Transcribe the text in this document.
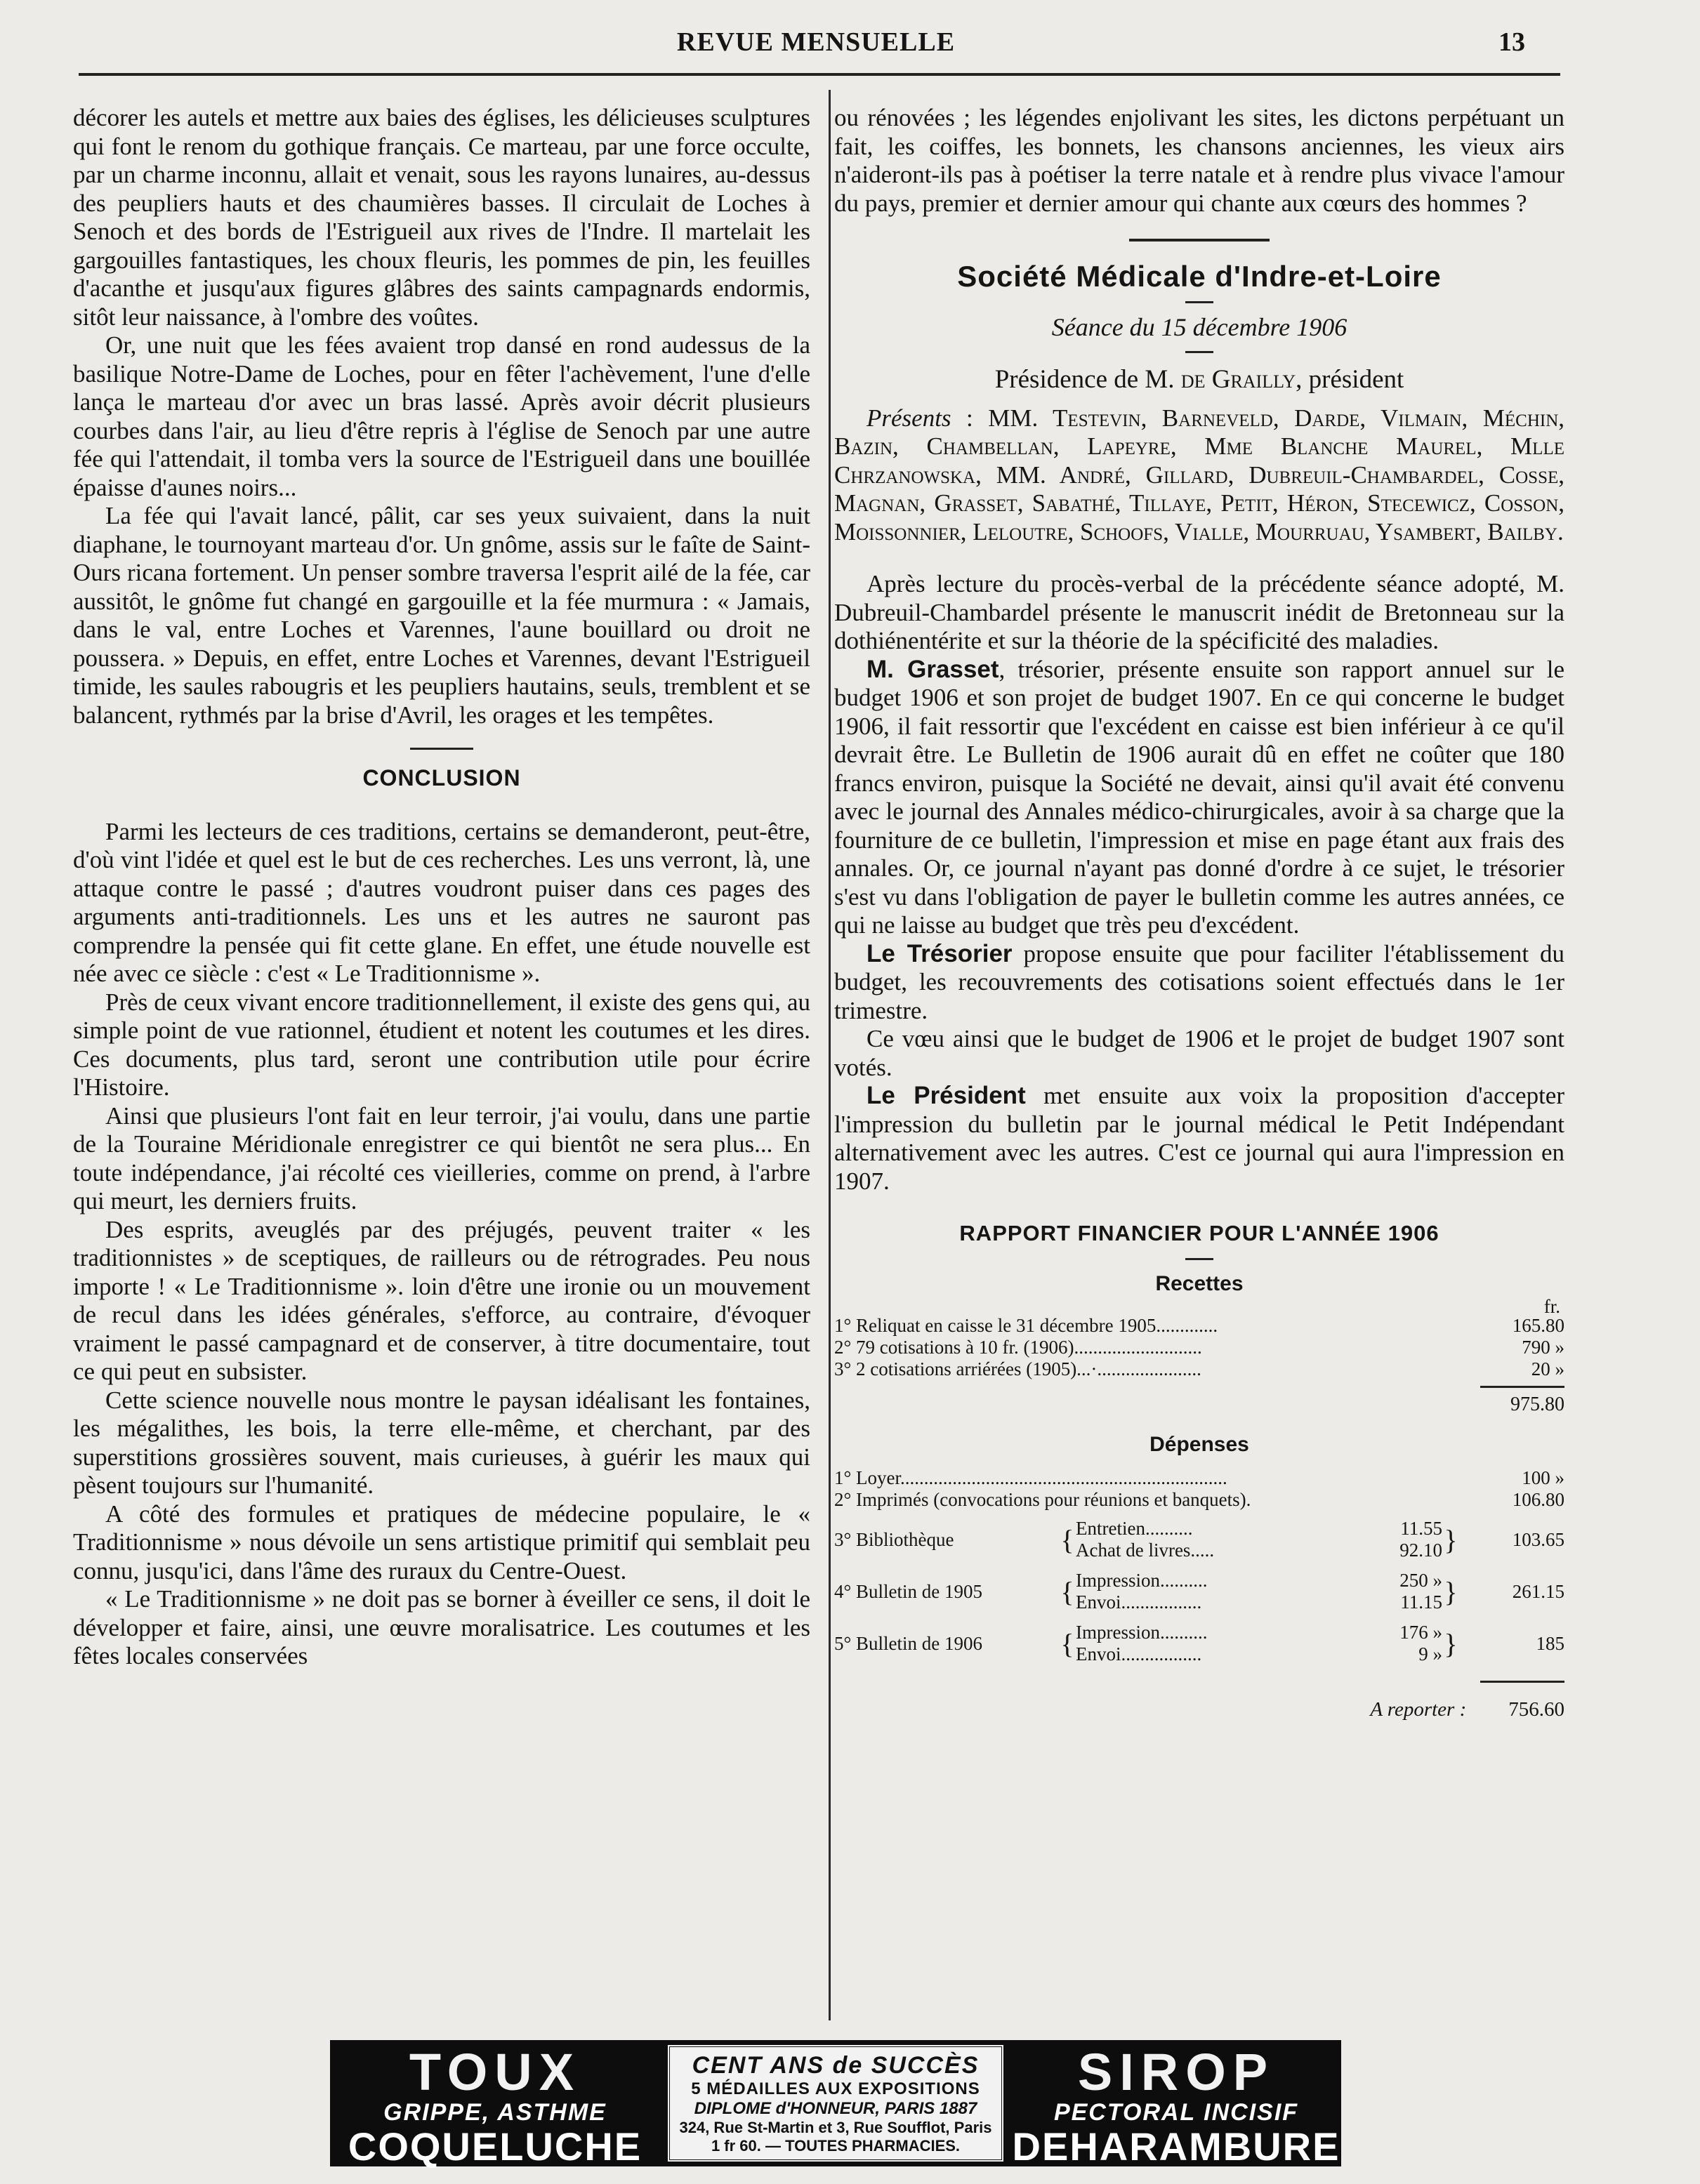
REVUE MENSUELLE	13

décorer les autels et mettre aux baies des églises, les délicieuses sculptures qui font le renom du gothique français. Ce marteau, par une force occulte, par un charme inconnu, allait et venait, sous les rayons lunaires, au-dessus des peupliers hauts et des chaumières basses. Il circulait de Loches à Senoch et des bords de l'Estrigueil aux rives de l'Indre. Il martelait les gargouilles fantastiques, les choux fleuris, les pommes de pin, les feuilles d'acanthe et jusqu'aux figures glâbres des saints campagnards endormis, sitôt leur naissance, à l'ombre des voûtes.

Or, une nuit que les fées avaient trop dansé en rond audessus de la basilique Notre-Dame de Loches, pour en fêter l'achèvement, l'une d'elle lança le marteau d'or avec un bras lassé. Après avoir décrit plusieurs courbes dans l'air, au lieu d'être repris à l'église de Senoch par une autre fée qui l'attendait, il tomba vers la source de l'Estrigueil dans une bouillée épaisse d'aunes noirs...

La fée qui l'avait lancé, pâlit, car ses yeux suivaient, dans la nuit diaphane, le tournoyant marteau d'or. Un gnôme, assis sur le faîte de Saint-Ours ricana fortement. Un penser sombre traversa l'esprit ailé de la fée, car aussitôt, le gnôme fut changé en gargouille et la fée murmura : « Jamais, dans le val, entre Loches et Varennes, l'aune bouillard ou droit ne poussera. » Depuis, en effet, entre Loches et Varennes, devant l'Estrigueil timide, les saules rabougris et les peupliers hautains, seuls, tremblent et se balancent, rythmés par la brise d'Avril, les orages et les tempêtes.

CONCLUSION

Parmi les lecteurs de ces traditions, certains se demanderont, peut-être, d'où vint l'idée et quel est le but de ces recherches. Les uns verront, là, une attaque contre le passé ; d'autres voudront puiser dans ces pages des arguments anti-traditionnels. Les uns et les autres ne sauront pas comprendre la pensée qui fit cette glane. En effet, une étude nouvelle est née avec ce siècle : c'est « Le Traditionnisme ».

Près de ceux vivant encore traditionnellement, il existe des gens qui, au simple point de vue rationnel, étudient et notent les coutumes et les dires. Ces documents, plus tard, seront une contribution utile pour écrire l'Histoire.

Ainsi que plusieurs l'ont fait en leur terroir, j'ai voulu, dans une partie de la Touraine Méridionale enregistrer ce qui bientôt ne sera plus... En toute indépendance, j'ai récolté ces vieilleries, comme on prend, à l'arbre qui meurt, les derniers fruits.

Des esprits, aveuglés par des préjugés, peuvent traiter « les traditionnistes » de sceptiques, de railleurs ou de rétrogrades. Peu nous importe ! « Le Traditionnisme ». loin d'être une ironie ou un mouvement de recul dans les idées générales, s'efforce, au contraire, d'évoquer vraiment le passé campagnard et de conserver, à titre documentaire, tout ce qui peut en subsister.

Cette science nouvelle nous montre le paysan idéalisant les fontaines, les mégalithes, les bois, la terre elle-même, et cherchant, par des superstitions grossières souvent, mais curieuses, à guérir les maux qui pèsent toujours sur l'humanité.

A côté des formules et pratiques de médecine populaire, le « Traditionnisme » nous dévoile un sens artistique primitif qui semblait peu connu, jusqu'ici, dans l'âme des ruraux du Centre-Ouest.

« Le Traditionnisme » ne doit pas se borner à éveiller ce sens, il doit le développer et faire, ainsi, une œuvre moralisatrice. Les coutumes et les fêtes locales conservées

ou rénovées ; les légendes enjolivant les sites, les dictons perpétuant un fait, les coiffes, les bonnets, les chansons anciennes, les vieux airs n'aideront-ils pas à poétiser la terre natale et à rendre plus vivace l'amour du pays, premier et dernier amour qui chante aux cœurs des hommes ?

Société Médicale d'Indre-et-Loire
Séance du 15 décembre 1906
Présidence de M. de Grailly, président

Présents : MM. Testevin, Barneveld, Darde, Vilmain, Méchin, Bazin, Chambellan, Lapeyre, Mme Blanche Maurel, Mlle Chrzanowska, MM. André, Gillard, Dubreuil-Chambardel, Cosse, Magnan, Grasset, Sabathé, Tillaye, Petit, Héron, Stecewicz, Cosson, Moissonnier, Leloutre, Schoofs, Vialle, Mourruau, Ysambert, Bailby.

Après lecture du procès-verbal de la précédente séance adopté, M. Dubreuil-Chambardel présente le manuscrit inédit de Bretonneau sur la dothiénentérite et sur la théorie de la spécificité des maladies.

M. Grasset, trésorier, présente ensuite son rapport annuel sur le budget 1906 et son projet de budget 1907. En ce qui concerne le budget 1906, il fait ressortir que l'excédent en caisse est bien inférieur à ce qu'il devrait être. Le Bulletin de 1906 aurait dû en effet ne coûter que 180 francs environ, puisque la Société ne devait, ainsi qu'il avait été convenu avec le journal des Annales médico-chirurgicales, avoir à sa charge que la fourniture de ce bulletin, l'impression et mise en page étant aux frais des annales. Or, ce journal n'ayant pas donné d'ordre à ce sujet, le trésorier s'est vu dans l'obligation de payer le bulletin comme les autres années, ce qui ne laisse au budget que très peu d'excédent.

Le Trésorier propose ensuite que pour faciliter l'établissement du budget, les recouvrements des cotisations soient effectués dans le 1er trimestre.

Ce vœu ainsi que le budget de 1906 et le projet de budget 1907 sont votés.

Le Président met ensuite aux voix la proposition d'accepter l'impression du bulletin par le journal médical le Petit Indépendant alternativement avec les autres. C'est ce journal qui aura l'impression en 1907.

RAPPORT FINANCIER POUR L'ANNÉE 1906
Recettes
fr.
1° Reliquat en caisse le 31 décembre 1905.............	165.80
2° 79 cotisations à 10 fr. (1906)...........................	790 »
3° 2 cotisations arriérées (1905)...·......................	20 »
975.80
Dépenses
1° Loyer.....................................................................	100 »
2° Imprimés (convocations pour réunions et banquets).	106.80
3° Bibliothèque	{	Entretien..........	11.55	}	103.65
		Achat de livres.....	92.10		

4° Bulletin de 1905	{	Impression..........	250 »	}	261.15
		Envoi.................	11.15		

5° Bulletin de 1906	{	Impression..........	176 »	}	185
		Envoi.................	9 »		
A reporter : 756.60
TOUX
GRIPPE, ASTHME
COQUELUCHE
CENT ANS de SUCCÈS
5 MÉDAILLES AUX EXPOSITIONS
DIPLOME d'HONNEUR, PARIS 1887
324, Rue St-Martin et 3, Rue Soufflot, Paris
1 fr 60. — TOUTES PHARMACIES.
SIROP
PECTORAL INCISIF
DEHARAMBURE
